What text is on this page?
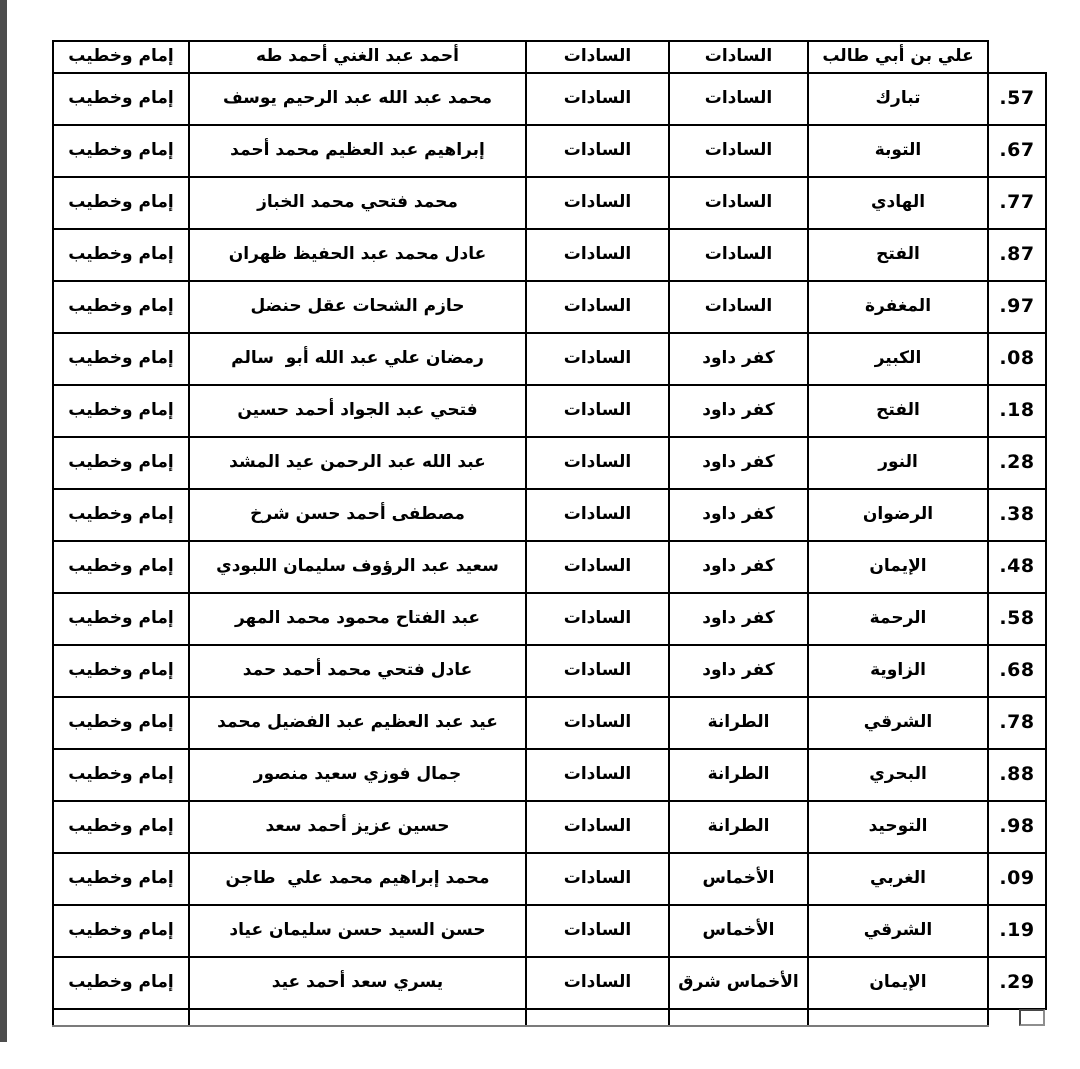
	علي بن أبي طالب	السادات	السادات	أحمد عبد الغني أحمد طه	إمام وخطيب
.57	تبارك	السادات	السادات	محمد عبد الله عبد الرحيم يوسف	إمام وخطيب
.67	التوبة	السادات	السادات	إبراهيم عبد العظيم محمد أحمد	إمام وخطيب
.77	الهادي	السادات	السادات	محمد فتحي محمد الخباز	إمام وخطيب
.87	الفتح	السادات	السادات	عادل محمد عبد الحفيظ ظهران	إمام وخطيب
.97	المغفرة	السادات	السادات	حازم الشحات عقل حنضل	إمام وخطيب
.08	الكبير	كفر داود	السادات	رمضان علي عبد الله أبو  سالم	إمام وخطيب
.18	الفتح	كفر داود	السادات	فتحي عبد الجواد أحمد حسين	إمام وخطيب
.28	النور	كفر داود	السادات	عبد الله عبد الرحمن عيد المشد	إمام وخطيب
.38	الرضوان	كفر داود	السادات	مصطفى أحمد حسن شرخ	إمام وخطيب
.48	الإيمان	كفر داود	السادات	سعيد عبد الرؤوف سليمان اللبودي	إمام وخطيب
.58	الرحمة	كفر داود	السادات	عبد الفتاح محمود محمد المهر	إمام وخطيب
.68	الزاوية	كفر داود	السادات	عادل فتحي محمد أحمد حمد	إمام وخطيب
.78	الشرقي	الطرانة	السادات	عيد عبد العظيم عبد الفضيل محمد	إمام وخطيب
.88	البحري	الطرانة	السادات	جمال فوزي سعيد منصور	إمام وخطيب
.98	التوحيد	الطرانة	السادات	حسين عزيز أحمد سعد	إمام وخطيب
.09	الغربي	الأخماس	السادات	محمد إبراهيم محمد علي  طاجن	إمام وخطيب
.19	الشرقي	الأخماس	السادات	حسن السيد حسن سليمان عياد	إمام وخطيب
.29	الإيمان	الأخماس شرق	السادات	يسري سعد أحمد عيد	إمام وخطيب
